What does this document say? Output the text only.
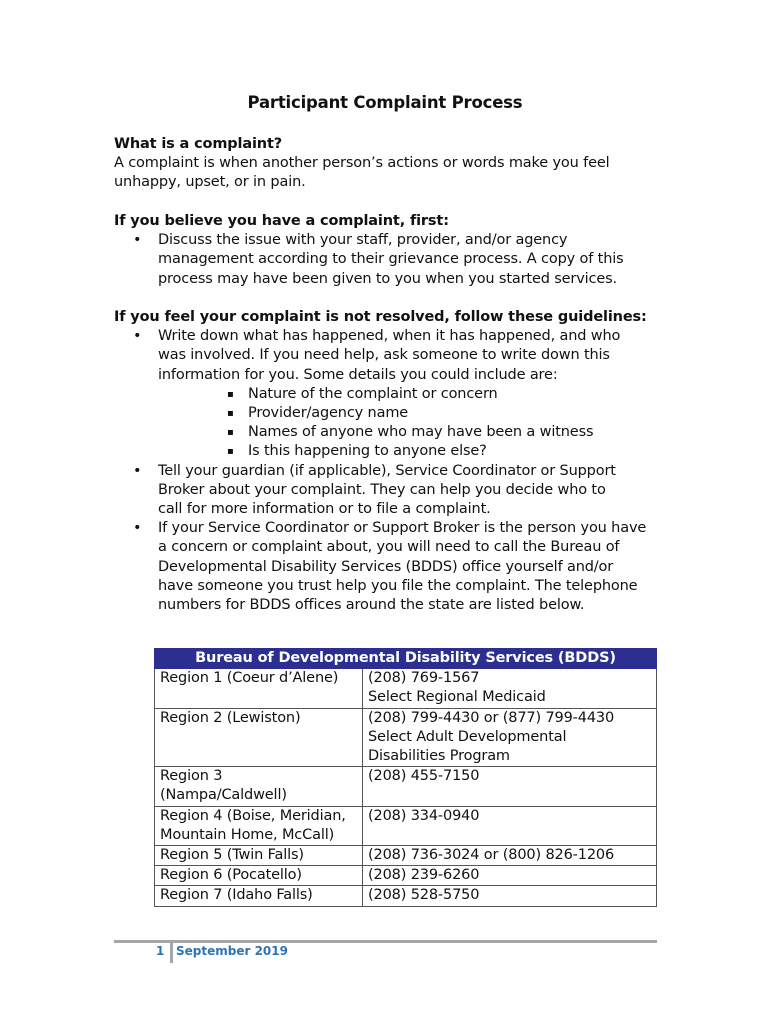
Participant Complaint Process
What is a complaint?
A complaint is when another person’s actions or words make you feel
unhappy, upset, or in pain.
If you believe you have a complaint, first:
• Discuss the issue with your staff, provider, and/or agency
management according to their grievance process. A copy of this
process may have been given to you when you started services.
If you feel your complaint is not resolved, follow these guidelines:
• Write down what has happened, when it has happened, and who
was involved. If you need help, ask someone to write down this
information for you. Some details you could include are:
▪ Nature of the complaint or concern
▪ Provider/agency name
▪ Names of anyone who may have been a witness
▪ Is this happening to anyone else?
• Tell your guardian (if applicable), Service Coordinator or Support
Broker about your complaint. They can help you decide who to
call for more information or to file a complaint.
• If your Service Coordinator or Support Broker is the person you have
a concern or complaint about, you will need to call the Bureau of
Developmental Disability Services (BDDS) office yourself and/or
have someone you trust help you file the complaint. The telephone
numbers for BDDS offices around the state are listed below.
Bureau of Developmental Disability Services (BDDS)	

Region 1 (Coeur d’Alene)	(208) 769-1567
Select Regional Medicaid

Region 2 (Lewiston)	(208) 799-4430 or (877) 799-4430
Select Adult Developmental
Disabilities Program

Region 3
(Nampa/Caldwell)	(208) 455-7150

Region 4 (Boise, Meridian,
Mountain Home, McCall)	(208) 334-0940

Region 5 (Twin Falls)	(208) 736-3024 or (800) 826-1206

Region 6 (Pocatello)	(208) 239-6260

Region 7 (Idaho Falls)	(208) 528-5750
1 September 2019
